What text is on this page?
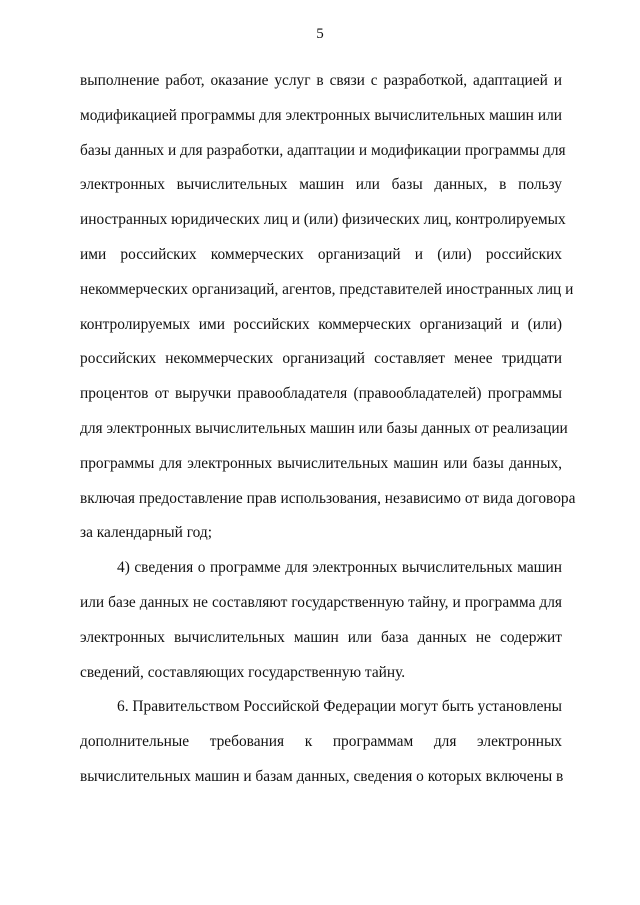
5
выполнение работ, оказание услуг в связи с разработкой, адаптацией и
модификацией программы для электронных вычислительных машин или
базы данных и для разработки, адаптации и модификации программы для
электронных вычислительных машин или базы данных, в пользу
иностранных юридических лиц и (или) физических лиц, контролируемых
ими российских коммерческих организаций и (или) российских
некоммерческих организаций, агентов, представителей иностранных лиц и
контролируемых ими российских коммерческих организаций и (или)
российских некоммерческих организаций составляет менее тридцати
процентов от выручки правообладателя (правообладателей) программы
для электронных вычислительных машин или базы данных от реализации
программы для электронных вычислительных машин или базы данных,
включая предоставление прав использования, независимо от вида договора
за календарный год;
4) сведения о программе для электронных вычислительных машин
или базе данных не составляют государственную тайну, и программа для
электронных вычислительных машин или база данных не содержит
сведений, составляющих государственную тайну.
6. Правительством Российской Федерации могут быть установлены
дополнительные требования к программам для электронных
вычислительных машин и базам данных, сведения о которых включены в
